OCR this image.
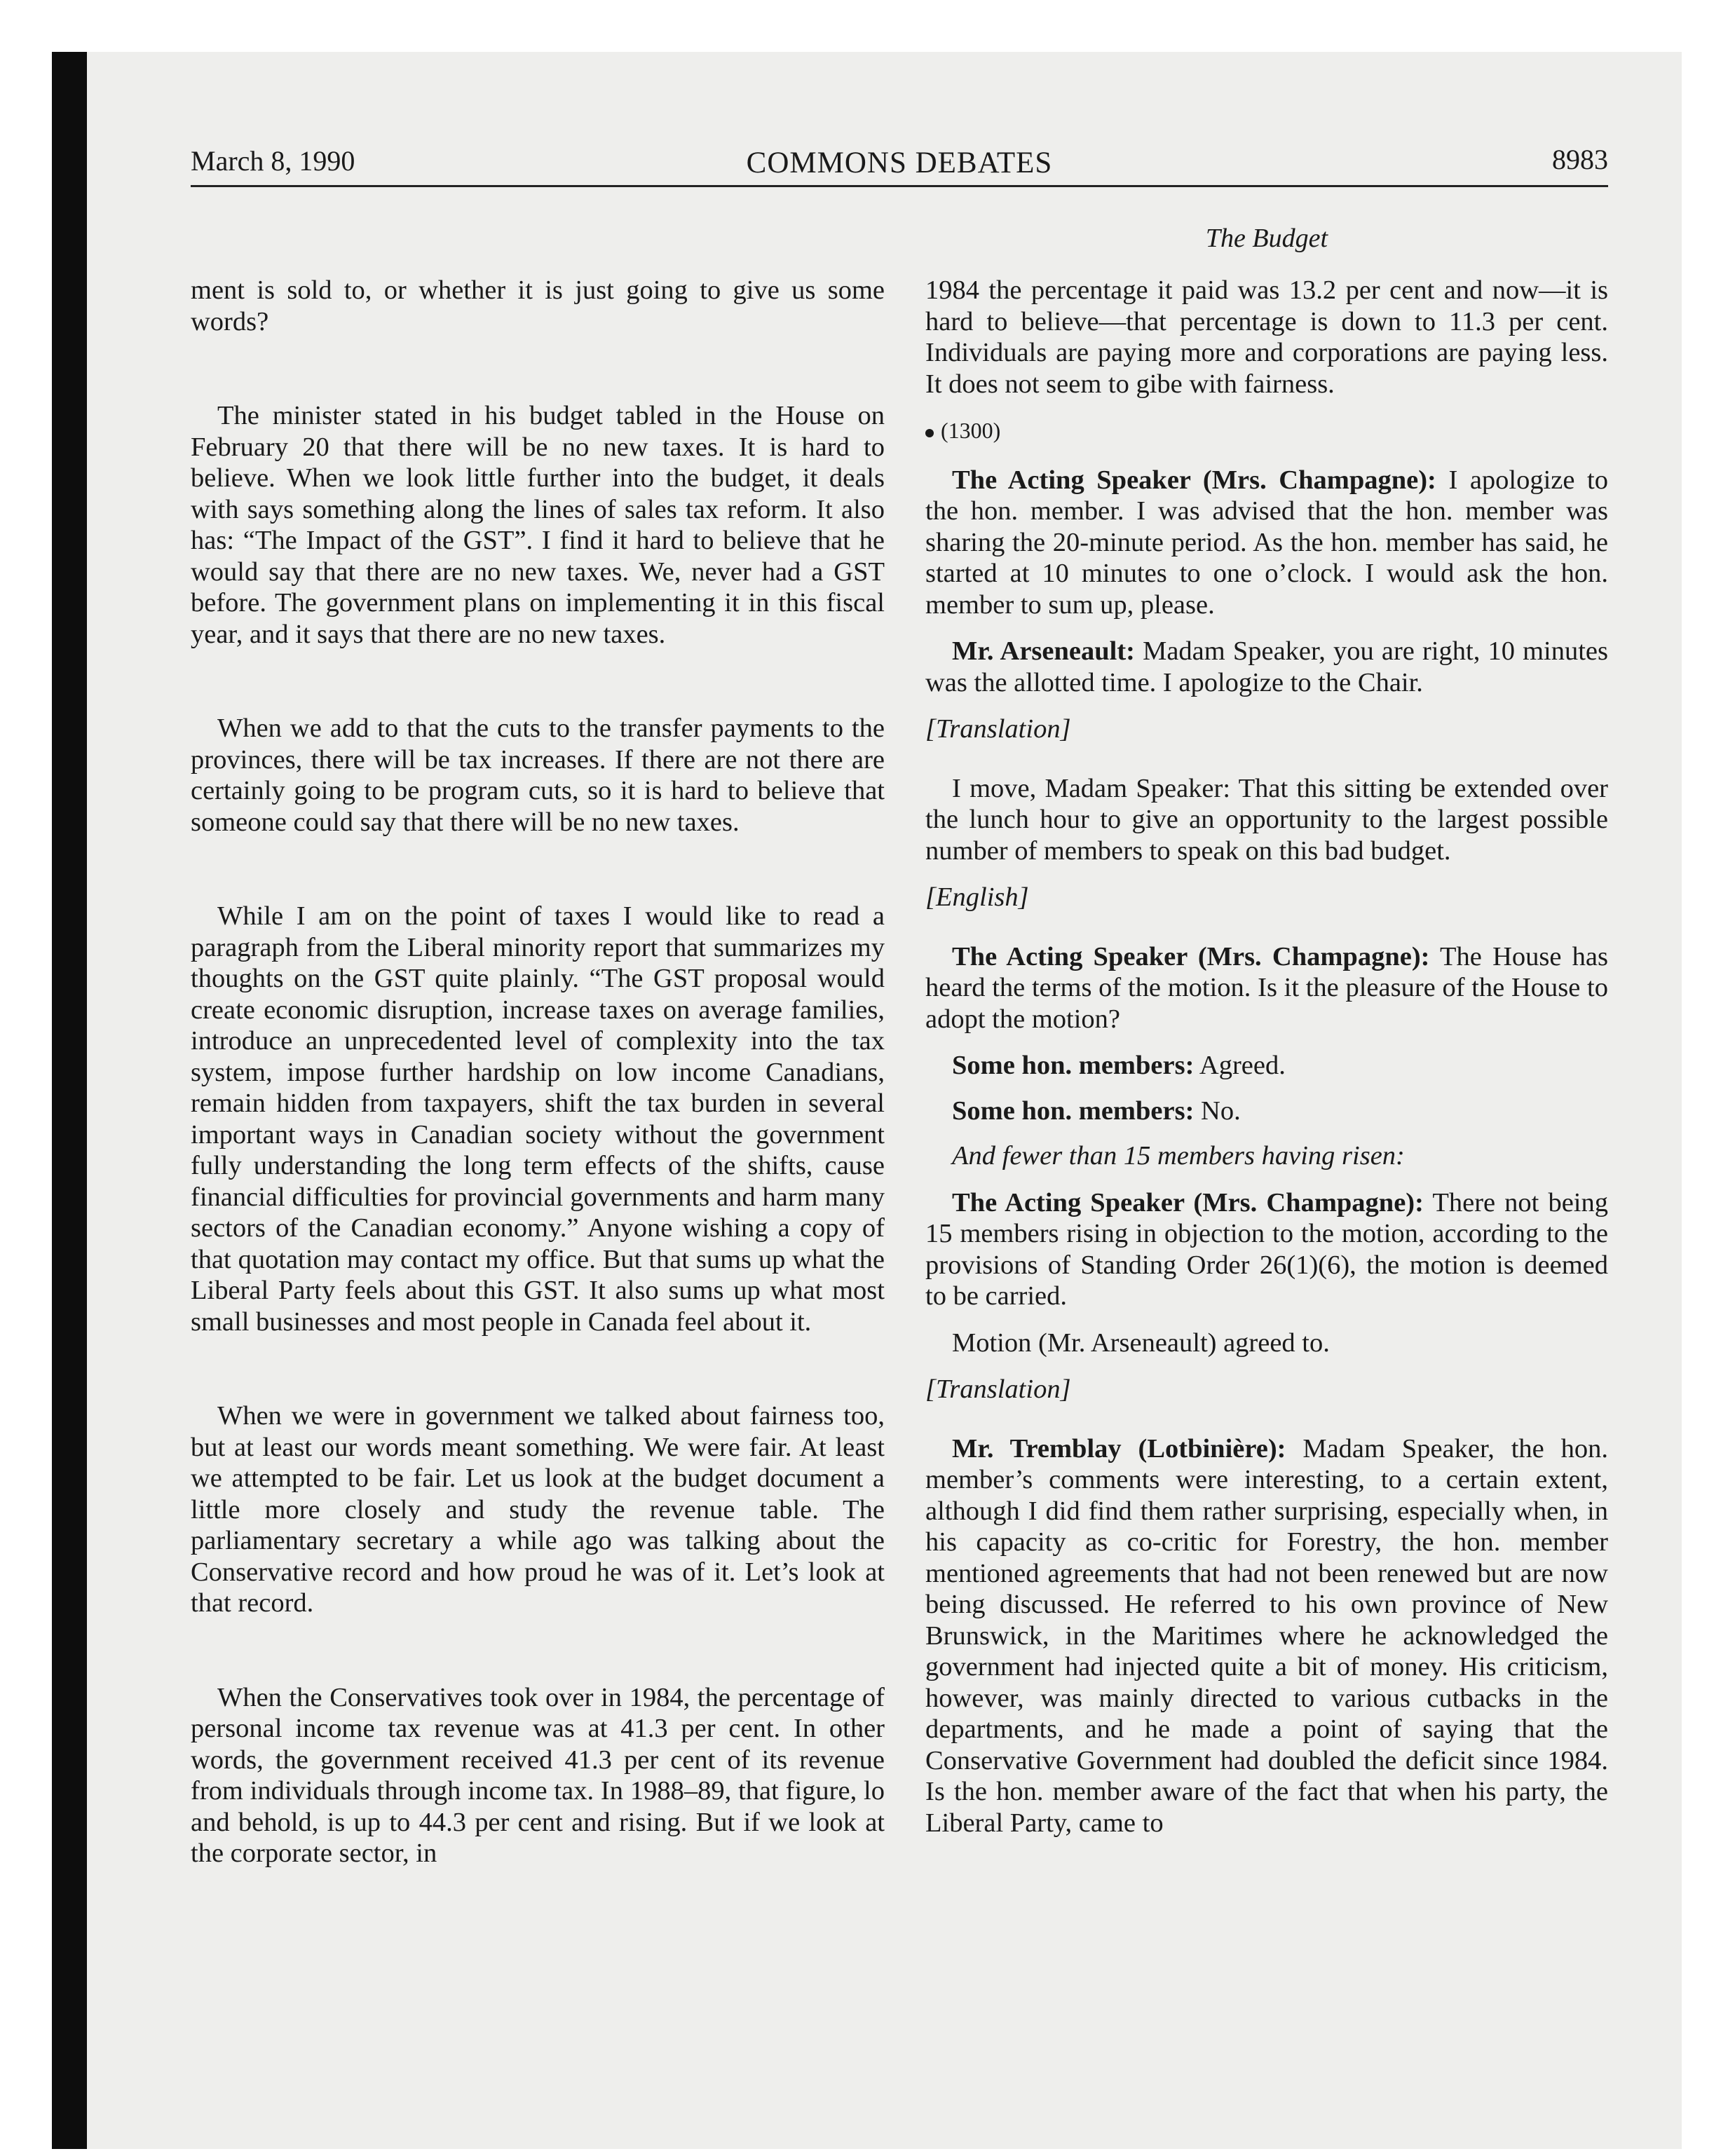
March 8, 1990	COMMONS DEBATES	8983
The Budget

ment is sold to, or whether it is just going to give us some words?

The minister stated in his budget tabled in the House on February 20 that there will be no new taxes. It is hard to believe. When we look little further into the budget, it deals with says something along the lines of sales tax reform. It also has: “The Impact of the GST”. I find it hard to believe that he would say that there are no new taxes. We, never had a GST before. The government plans on implementing it in this fiscal year, and it says that there are no new taxes.

When we add to that the cuts to the transfer payments to the provinces, there will be tax increases. If there are not there are certainly going to be program cuts, so it is hard to believe that someone could say that there will be no new taxes.

While I am on the point of taxes I would like to read a paragraph from the Liberal minority report that summarizes my thoughts on the GST quite plainly. “The GST proposal would create economic disruption, increase taxes on average families, introduce an unprecedented level of complexity into the tax system, impose further hardship on low income Canadians, remain hidden from taxpayers, shift the tax burden in several important ways in Canadian society without the government fully understanding the long term effects of the shifts, cause financial difficulties for provincial governments and harm many sectors of the Canadian economy.” Anyone wishing a copy of that quotation may contact my office. But that sums up what the Liberal Party feels about this GST. It also sums up what most small businesses and most people in Canada feel about it.

When we were in government we talked about fairness too, but at least our words meant something. We were fair. At least we attempted to be fair. Let us look at the budget document a little more closely and study the revenue table. The parliamentary secretary a while ago was talking about the Conservative record and how proud he was of it. Let’s look at that record.

When the Conservatives took over in 1984, the percentage of personal income tax revenue was at 41.3 per cent. In other words, the government received 41.3 per cent of its revenue from individuals through income tax. In 1988–89, that figure, lo and behold, is up to 44.3 per cent and rising. But if we look at the corporate sector, in

1984 the percentage it paid was 13.2 per cent and now—it is hard to believe—that percentage is down to 11.3 per cent. Individuals are paying more and corporations are paying less. It does not seem to gibe with fairness.

(1300)

The Acting Speaker (Mrs. Champagne): I apologize to the hon. member. I was advised that the hon. member was sharing the 20-minute period. As the hon. member has said, he started at 10 minutes to one o’clock. I would ask the hon. member to sum up, please.

Mr. Arseneault: Madam Speaker, you are right, 10 minutes was the allotted time. I apologize to the Chair.

[Translation]

I move, Madam Speaker: That this sitting be extended over the lunch hour to give an opportunity to the largest possible number of members to speak on this bad budget.

[English]

The Acting Speaker (Mrs. Champagne): The House has heard the terms of the motion. Is it the pleasure of the House to adopt the motion?

Some hon. members: Agreed.

Some hon. members: No.

And fewer than 15 members having risen:

The Acting Speaker (Mrs. Champagne): There not being 15 members rising in objection to the motion, according to the provisions of Standing Order 26(1)(6), the motion is deemed to be carried.

Motion (Mr. Arseneault) agreed to.

[Translation]

Mr. Tremblay (Lotbinière): Madam Speaker, the hon. member’s comments were interesting, to a certain extent, although I did find them rather surprising, especially when, in his capacity as co-critic for Forestry, the hon. member mentioned agreements that had not been renewed but are now being discussed. He referred to his own province of New Brunswick, in the Maritimes where he acknowledged the government had injected quite a bit of money. His criticism, however, was mainly directed to various cutbacks in the departments, and he made a point of saying that the Conservative Government had doubled the deficit since 1984. Is the hon. member aware of the fact that when his party, the Liberal Party, came to
